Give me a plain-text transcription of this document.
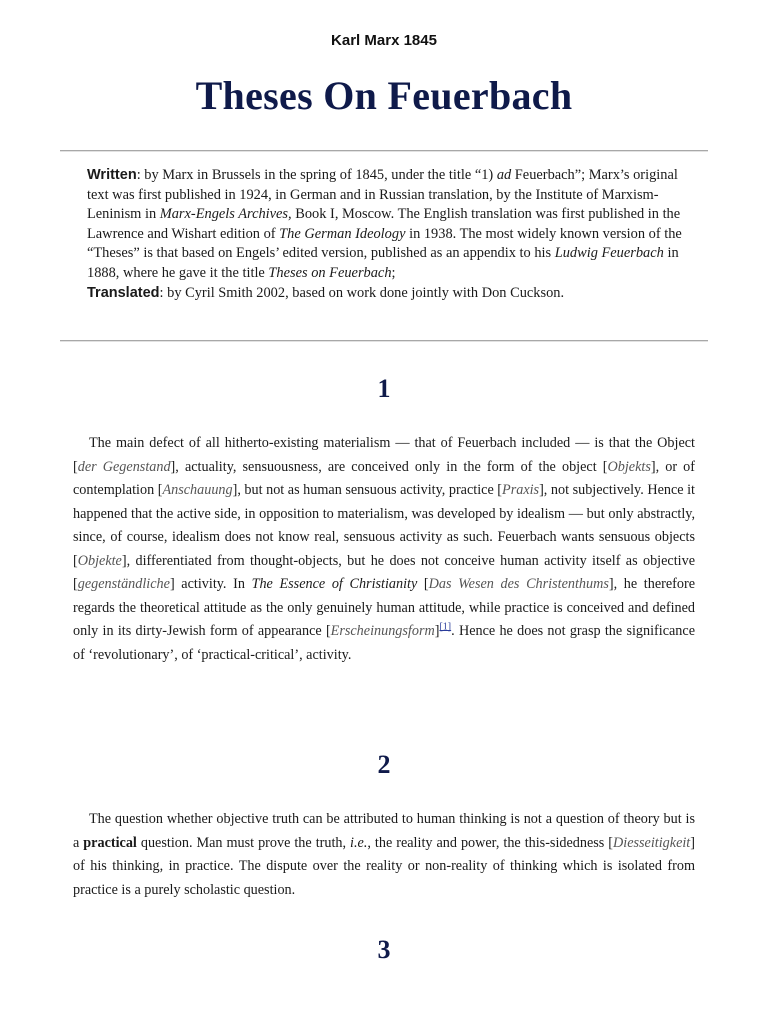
Karl Marx 1845
Theses On Feuerbach
Written: by Marx in Brussels in the spring of 1845, under the title “1) ad Feuerbach”; Marx’s original text was first published in 1924, in German and in Russian translation, by the Institute of Marxism-Leninism in Marx-Engels Archives, Book I, Moscow. The English translation was first published in the Lawrence and Wishart edition of The German Ideology in 1938. The most widely known version of the “Theses” is that based on Engels’ edited version, published as an appendix to his Ludwig Feuerbach in 1888, where he gave it the title Theses on Feuerbach;
Translated: by Cyril Smith 2002, based on work done jointly with Don Cuckson.
1
The main defect of all hitherto-existing materialism — that of Feuerbach included — is that the Object [der Gegenstand], actuality, sensuousness, are conceived only in the form of the object [Objekts], or of contemplation [Anschauung], but not as human sensuous activity, practice [Praxis], not subjectively. Hence it happened that the active side, in opposition to materialism, was developed by idealism — but only abstractly, since, of course, idealism does not know real, sensuous activity as such. Feuerbach wants sensuous objects [Objekte], differentiated from thought-objects, but he does not conceive human activity itself as objective [gegenständliche] activity. In The Essence of Christianity [Das Wesen des Christenthums], he therefore regards the theoretical attitude as the only genuinely human attitude, while practice is conceived and defined only in its dirty-Jewish form of appearance [Erscheinungsform][1]. Hence he does not grasp the significance of ‘revolutionary’, of ‘practical-critical’, activity.
2
The question whether objective truth can be attributed to human thinking is not a question of theory but is a practical question. Man must prove the truth, i.e., the reality and power, the this-sidedness [Diesseitigkeit] of his thinking, in practice. The dispute over the reality or non-reality of thinking which is isolated from practice is a purely scholastic question.
3
